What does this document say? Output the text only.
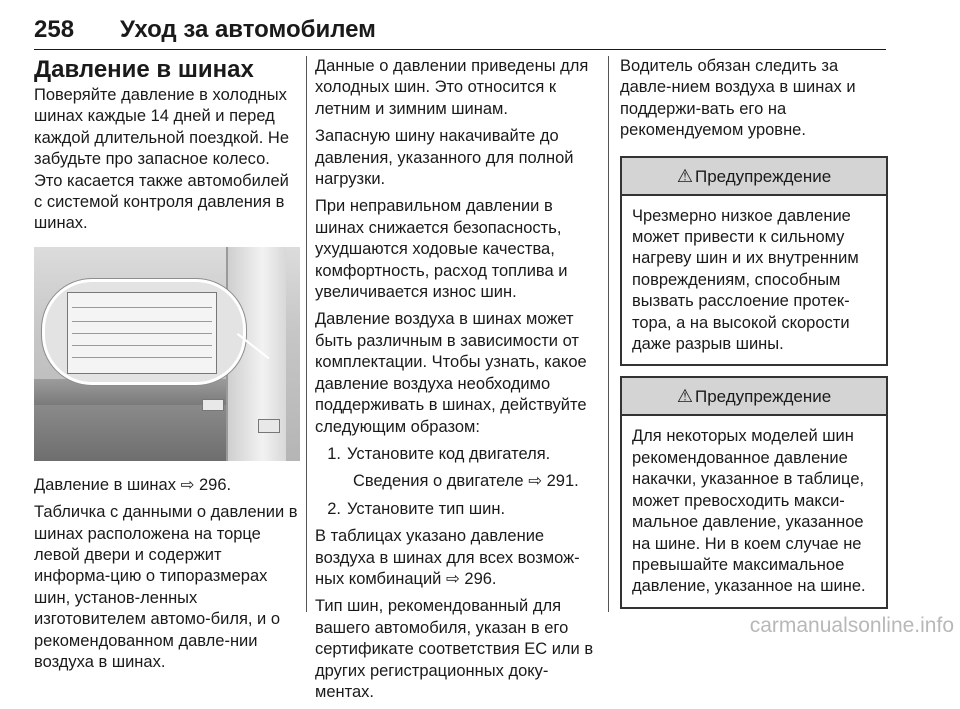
258 Уход за автомобилем
Давление в шинах

Поверяйте давление в холодных шинах каждые 14 дней и перед каждой длительной поездкой. Не забудьте про запасное колесо. Это касается также автомобилей с системой контроля давления в шинах.

Давление в шинах ⇨ 296.

Табличка с данными о давлении в шинах расположена на торце левой двери и содержит информа-цию о типоразмерах шин, установ-ленных изготовителем автомо-биля, и о рекомендованном давле-нии воздуха в шинах.

Данные о давлении приведены для холодных шин. Это относится к летним и зимним шинам.

Запасную шину накачивайте до давления, указанного для полной нагрузки.

При неправильном давлении в шинах снижается безопасность, ухудшаются ходовые качества, комфортность, расход топлива и увеличивается износ шин.

Давление воздуха в шинах может быть различным в зависимости от комплектации. Чтобы узнать, какое давление воздуха необходимо поддерживать в шинах, действуйте следующим образом:

1. Установите код двигателя.
Сведения о двигателе ⇨ 291.
2. Установите тип шин.

В таблицах указано давление воздуха в шинах для всех возмож-ных комбинаций ⇨ 296.

Тип шин, рекомендованный для вашего автомобиля, указан в его сертификате соответствия ЕС или в других регистрационных доку-ментах.

Водитель обязан следить за давле-нием воздуха в шинах и поддержи-вать его на рекомендуемом уровне.

⚠ Предупреждение
Чрезмерно низкое давление может привести к сильному нагреву шин и их внутренним повреждениям, способным вызвать расслоение протек-тора, а на высокой скорости даже разрыв шины.
⚠ Предупреждение
Для некоторых моделей шин рекомендованное давление накачки, указанное в таблице, может превосходить макси-мальное давление, указанное на шине. Ни в коем случае не превышайте максимальное давление, указанное на шине.
carmanualsonline.info
